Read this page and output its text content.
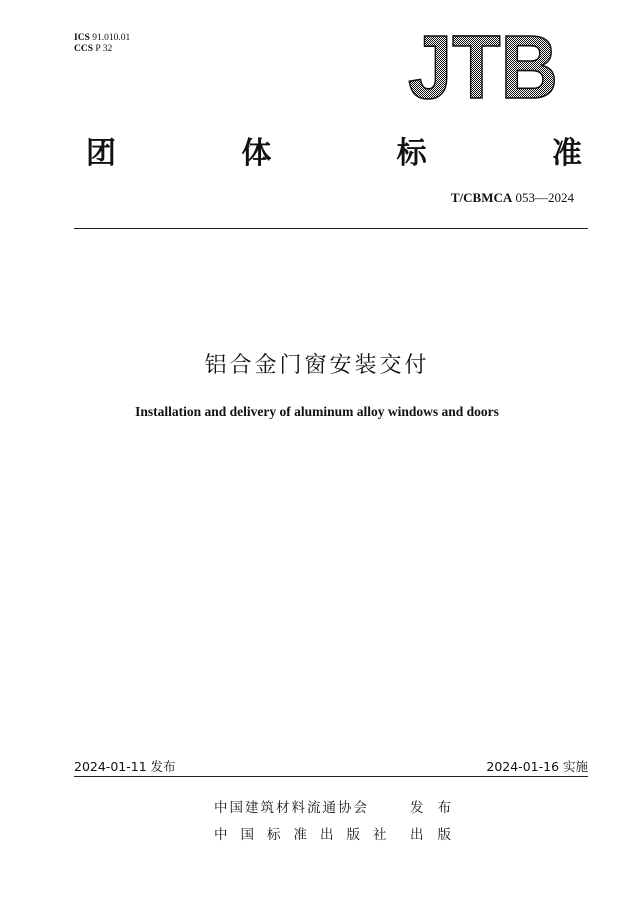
ICS 91.010.01
CCS P 32	JTB
团	体	标	准
T/CBMCA 053—2024
铝合金门窗安装交付
Installation and delivery of aluminum alloy windows and doors
2024-01-11 发布	2024-01-16 实施
中国建筑材料流通协会	发布
中国标准出版社 出版
